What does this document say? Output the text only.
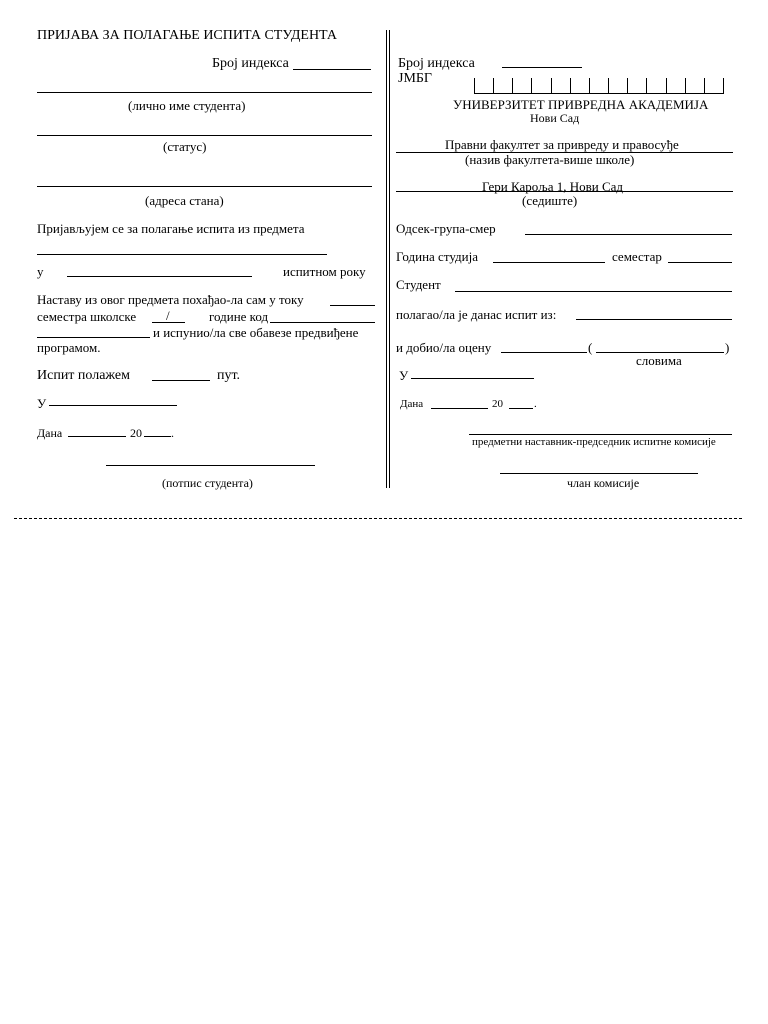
ПРИЈАВА ЗА ПОЛАГАЊЕ ИСПИТА СТУДЕНТА
Број индекса
(лично име студента)
(статус)
(адреса стана)
Пријављујем се за полагање испита из предмета
у	испитном року
Наставу из овог предмета похађао-ла сам у току
семестра школске /	године код
и испунио/ла све обавезе предвиђене
програмом.
Испит полажем	пут.
У
Дана	20 .
(потпис студента)
Број индекса
ЈМБГ
УНИВЕРЗИТЕТ ПРИВРЕДНА АКАДЕМИЈА
Нови Сад
Правни факултет за привреду и правосуђе
(назив факултета-више школе)
Гери Карољa 1, Нови Сад
(седиште)
Одсек-група-смер
Година студија	семестар
Студент
полагао/ла је данас испит из:
и добио/ла оцену	(	)
словима
У
Дана	20	.
предметни наставник-председник испитне комисије
члан комисије
